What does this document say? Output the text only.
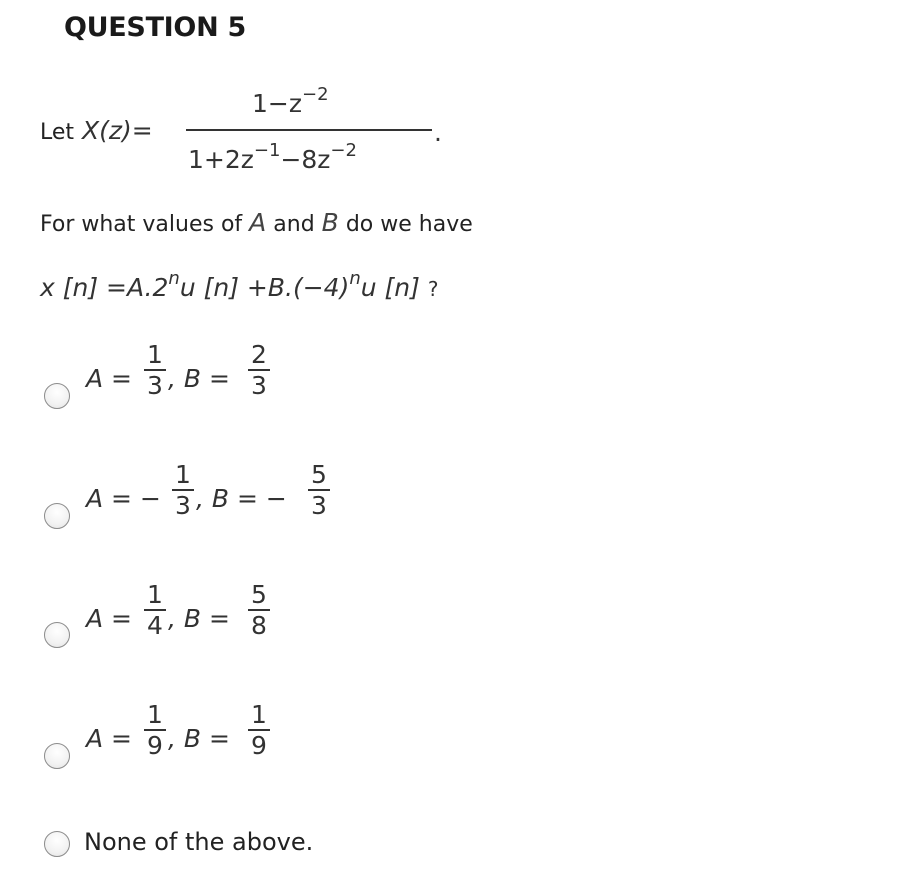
QUESTION 5
Let X(z)=
$1-z^{-2}$
$1+2z^{-1}-8z^{-2}$
.
For what values of A and B do we have
x $[n] =A.2^nu$ $[n] +B.(-4)^nu$ [n] ?
A =
1
3 , B =
2
3
A = −
1
3 , B = −
5
3
A =
1
4 , B =
5
8
A =
1
9 , B =
1
9
None of the above.
